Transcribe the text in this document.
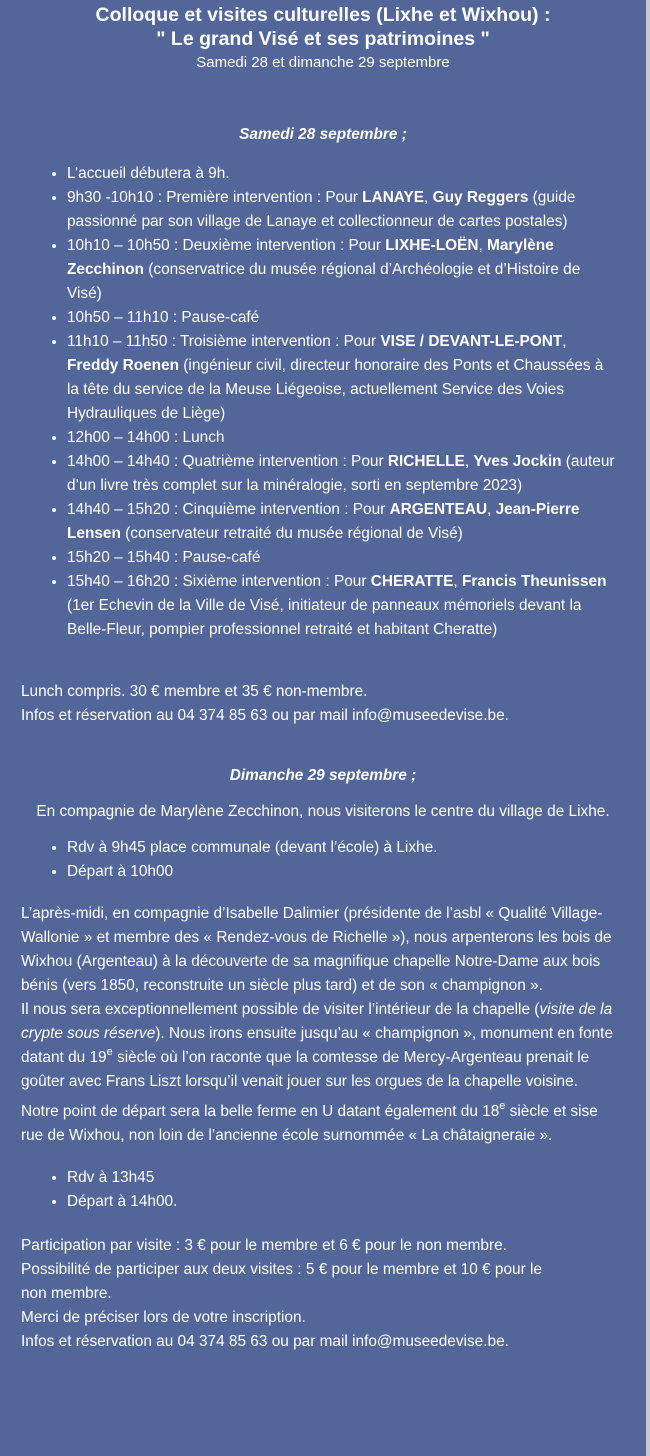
Colloque et visites culturelles (Lixhe et Wixhou) :
" Le grand Visé et ses patrimoines "
Samedi 28 et dimanche 29 septembre
Samedi 28 septembre ;
• L’accueil débutera à 9h.
• 9h30 -10h10 : Première intervention : Pour LANAYE, Guy Reggers (guide passionné par son village de Lanaye et collectionneur de cartes postales)
• 10h10 – 10h50 : Deuxième intervention : Pour LIXHE-LOËN, Marylène Zecchinon (conservatrice du musée régional d’Archéologie et d’Histoire de Visé)
• 10h50 – 11h10 : Pause-café
• 11h10 – 11h50 : Troisième intervention : Pour VISE / DEVANT-LE-PONT, Freddy Roenen (ingénieur civil, directeur honoraire des Ponts et Chaussées à la tête du service de la Meuse Liégeoise, actuellement Service des Voies Hydrauliques de Liège)
• 12h00 – 14h00 : Lunch
• 14h00 – 14h40 : Quatrième intervention : Pour RICHELLE, Yves Jockin (auteur d’un livre très complet sur la minéralogie, sorti en septembre 2023)
• 14h40 – 15h20 : Cinquième intervention : Pour ARGENTEAU, Jean-Pierre Lensen (conservateur retraité du musée régional de Visé)
• 15h20 – 15h40 : Pause-café
• 15h40 – 16h20 : Sixième intervention : Pour CHERATTE, Francis Theunissen (1er Echevin de la Ville de Visé, initiateur de panneaux mémoriels devant la Belle-Fleur, pompier professionnel retraité et habitant Cheratte)
Lunch compris. 30 € membre et 35 € non-membre.
Infos et réservation au 04 374 85 63 ou par mail info@museedevise.be.
Dimanche 29 septembre ;
En compagnie de Marylène Zecchinon, nous visiterons le centre du village de Lixhe.
• Rdv à 9h45 place communale (devant l’école) à Lixhe.
• Départ à 10h00
L’après-midi, en compagnie d’Isabelle Dalimier (présidente de l’asbl « Qualité Village-Wallonie » et membre des « Rendez-vous de Richelle »), nous arpenterons les bois de Wixhou (Argenteau) à la découverte de sa magnifique chapelle Notre-Dame aux bois bénis (vers 1850, reconstruite un siècle plus tard) et de son « champignon ».
Il nous sera exceptionnellement possible de visiter l’intérieur de la chapelle (visite de la crypte sous réserve). Nous irons ensuite jusqu’au « champignon », monument en fonte datant du 19e siècle où l’on raconte que la comtesse de Mercy-Argenteau prenait le goûter avec Frans Liszt lorsqu’il venait jouer sur les orgues de la chapelle voisine.
Notre point de départ sera la belle ferme en U datant également du 18e siècle et sise rue de Wixhou, non loin de l’ancienne école surnommée « La châtaigneraie ».
• Rdv à 13h45
• Départ à 14h00.
Participation par visite : 3 € pour le membre et 6 € pour le non membre.
Possibilité de participer aux deux visites : 5 € pour le membre et 10 € pour le non membre.
Merci de préciser lors de votre inscription.
Infos et réservation au 04 374 85 63 ou par mail info@museedevise.be.
